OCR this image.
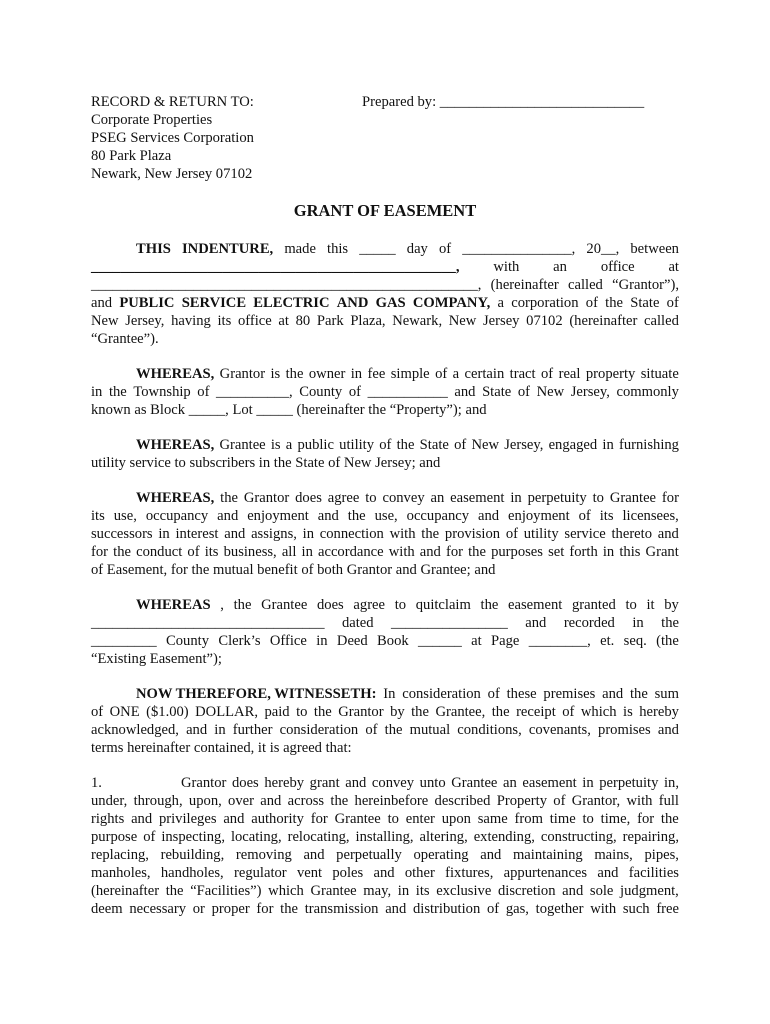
RECORD & RETURN TO:
Corporate Properties
PSEG Services Corporation
80 Park Plaza
Newark, New Jersey 07102
Prepared by: ____________________________
GRANT OF EASEMENT
THIS INDENTURE, made this _____ day of _______________, 20__, between
__________________________________________________, with an office at
_____________________________________________________, (hereinafter called “Grantor”),
and PUBLIC SERVICE ELECTRIC AND GAS COMPANY, a corporation of the State of
New Jersey, having its office at 80 Park Plaza, Newark, New Jersey 07102 (hereinafter called
“Grantee”).
WHEREAS, Grantor is the owner in fee simple of a certain tract of real property situate
in the Township of __________, County of ___________ and State of New Jersey, commonly
known as Block _____, Lot _____ (hereinafter the “Property”); and
WHEREAS, Grantee is a public utility of the State of New Jersey, engaged in furnishing
utility service to subscribers in the State of New Jersey; and
WHEREAS, the Grantor does agree to convey an easement in perpetuity to Grantee for
its use, occupancy and enjoyment and the use, occupancy and enjoyment of its licensees,
successors in interest and assigns, in connection with the provision of utility service thereto and
for the conduct of its business, all in accordance with and for the purposes set forth in this Grant
of Easement, for the mutual benefit of both Grantor and Grantee; and
WHEREAS , the Grantee does agree to quitclaim the easement granted to it by
________________________________ dated ________________ and recorded in the
_________ County Clerk’s Office in Deed Book ______ at Page ________, et. seq. (the
“Existing Easement”);
NOW THEREFORE, WITNESSETH: In consideration of these premises and the sum
of ONE ($1.00) DOLLAR, paid to the Grantor by the Grantee, the receipt of which is hereby
acknowledged, and in further consideration of the mutual conditions, covenants, promises and
terms hereinafter contained, it is agreed that:
1.	Grantor does hereby grant and convey unto Grantee an easement in perpetuity in,
under, through, upon, over and across the hereinbefore described Property of Grantor, with full
rights and privileges and authority for Grantee to enter upon same from time to time, for the
purpose of inspecting, locating, relocating, installing, altering, extending, constructing, repairing,
replacing, rebuilding, removing and perpetually operating and maintaining mains, pipes,
manholes, handholes, regulator vent poles and other fixtures, appurtenances and facilities
(hereinafter the “Facilities”) which Grantee may, in its exclusive discretion and sole judgment,
deem necessary or proper for the transmission and distribution of gas, together with such free
